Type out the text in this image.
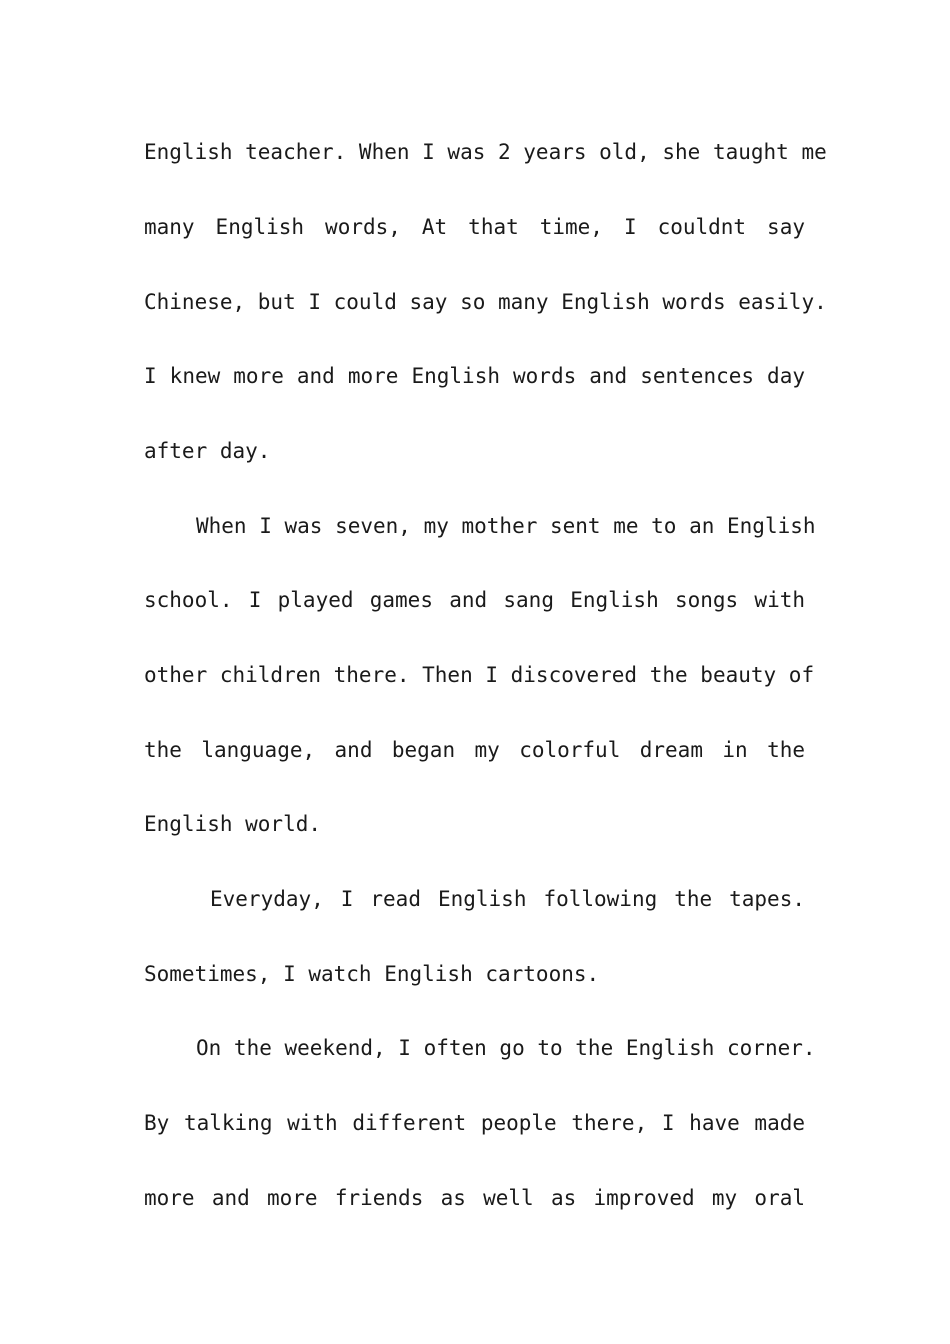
English teacher. When I was 2 years old, she taught me
many English words, At that time, I couldnt say
Chinese, but I could say so many English words easily.
I knew more and more English words and sentences day
after day.
When I was seven, my mother sent me to an English
school. I played games and sang English songs with
other children there. Then I discovered the beauty of
the language, and began my colorful dream in the
English world.
Everyday, I read English following the tapes.
Sometimes, I watch English cartoons.
On the weekend, I often go to the English corner.
By talking with different people there, I have made
more and more friends as well as improved my oral
